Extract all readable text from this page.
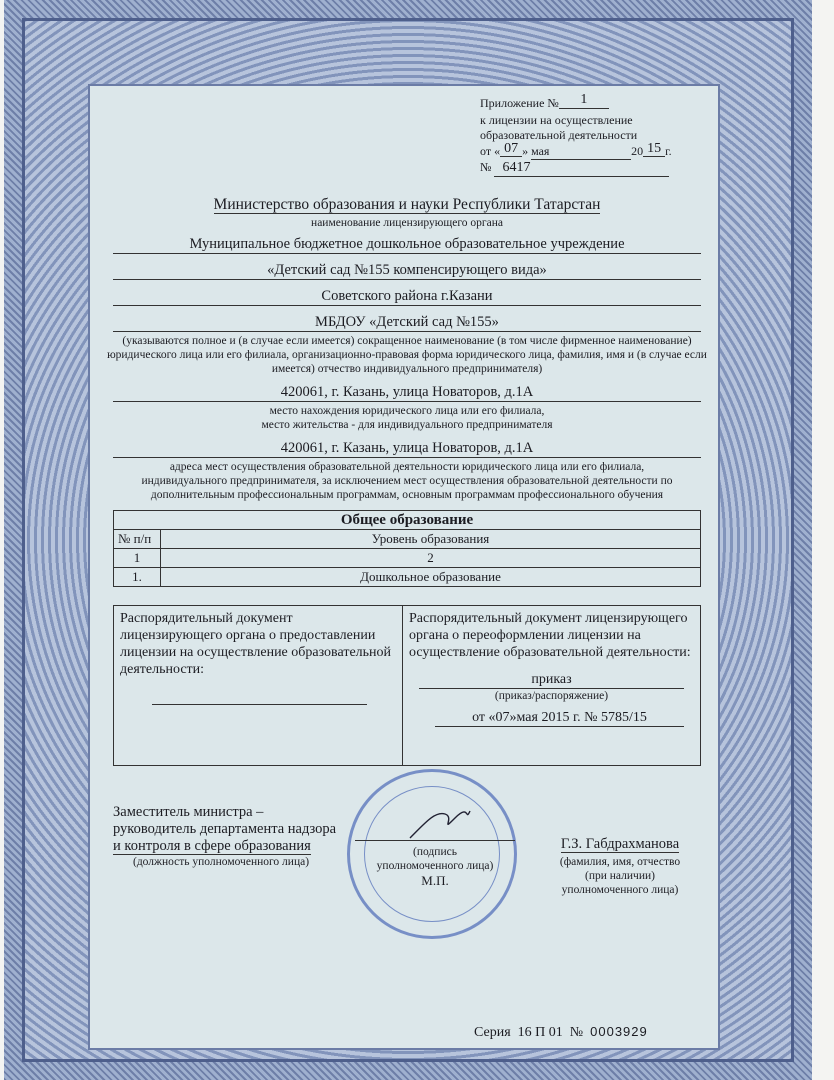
Приложение № 1
к лицензии на осуществление
образовательной деятельности
от « 07 » мая	20 15 г.
№ 6417
Министерство образования и науки Республики Татарстан
наименование лицензирующего органа
Муниципальное бюджетное дошкольное образовательное учреждение
«Детский сад №155 компенсирующего вида»
Советского района г.Казани
МБДОУ «Детский сад №155»
(указываются полное и (в случае если имеется) сокращенное наименование (в том числе фирменное наименование) юридического лица или его филиала, организационно-правовая форма юридического лица, фамилия, имя и (в случае если имеется) отчество индивидуального предпринимателя)
420061, г. Казань, улица Новаторов, д.1А
место нахождения юридического лица или его филиала,
место жительства - для индивидуального предпринимателя
420061, г. Казань, улица Новаторов, д.1А
адреса мест осуществления образовательной деятельности юридического лица или его филиала, индивидуального предпринимателя, за исключением мест осуществления образовательной деятельности по дополнительным профессиональным программам, основным программам профессионального обучения
Общее образование	
№ п/п	Уровень образования
1	2
1.	Дошкольное образование
Распорядительный документ лицензирующего органа о предоставлении лицензии на осуществление образовательной деятельности:

Распорядительный документ лицензирующего органа о переоформлении лицензии на осуществление образовательной деятельности:
приказ
(приказ/распоряжение)
от «07»мая 2015 г. № 5785/15
Заместитель министра –
руководитель департамента надзора
и контроля в сфере образования
(должность уполномоченного лица)
(подпись
уполномоченного лица)
М.П.
Г.З. Габдрахманова
(фамилия, имя, отчество
(при наличии)
уполномоченного лица)
Серия 16 П 01 № 0003929
